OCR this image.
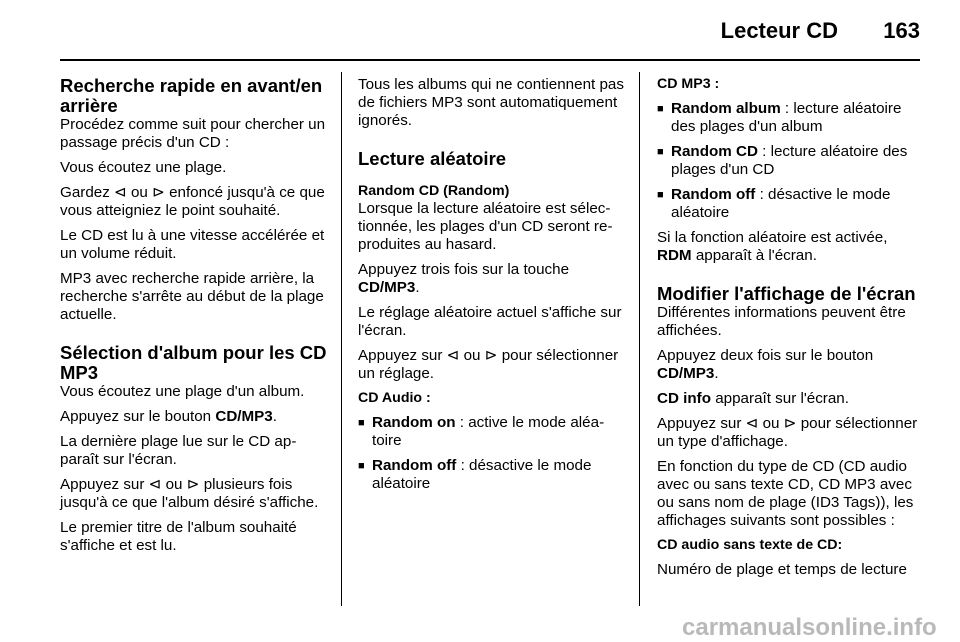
Lecteur CD 163

Recherche rapide en avant/en arrière

Procédez comme suit pour chercher un passage précis d'un CD :

Vous écoutez une plage.

Gardez ⊲ ou ⊳ enfoncé jusqu'à ce que vous atteigniez le point souhaité.

Le CD est lu à une vitesse accélérée et un volume réduit.

MP3 avec recherche rapide arrière, la recherche s'arrête au début de la plage actuelle.

Sélection d'album pour les CD MP3

Vous écoutez une plage d'un album.

Appuyez sur le bouton CD/MP3.

La dernière plage lue sur le CD apparaît sur l'écran.

Appuyez sur ⊲ ou ⊳ plusieurs fois jusqu'à ce que l'album désiré s'affiche.

Le premier titre de l'album souhaité s'affiche et est lu.

Tous les albums qui ne contiennent pas de fichiers MP3 sont automatiquement ignorés.

Lecture aléatoire

Random CD (Random)

Lorsque la lecture aléatoire est sélectionnée, les plages d'un CD seront reproduites au hasard.

Appuyez trois fois sur la touche CD/MP3.

Le réglage aléatoire actuel s'affiche sur l'écran.

Appuyez sur ⊲ ou ⊳ pour sélectionner un réglage.

CD Audio :

■ Random on : active le mode aléatoire
■ Random off : désactive le mode aléatoire

CD MP3 :

■ Random album : lecture aléatoire des plages d'un album
■ Random CD : lecture aléatoire des plages d'un CD
■ Random off : désactive le mode aléatoire

Si la fonction aléatoire est activée, RDM apparaît à l'écran.

Modifier l'affichage de l'écran

Différentes informations peuvent être affichées.

Appuyez deux fois sur le bouton CD/MP3.

CD info apparaît sur l'écran.

Appuyez sur ⊲ ou ⊳ pour sélectionner un type d'affichage.

En fonction du type de CD (CD audio avec ou sans texte CD, CD MP3 avec ou sans nom de plage (ID3 Tags)), les affichages suivants sont possibles :

CD audio sans texte de CD:

Numéro de plage et temps de lecture

carmanualsonline.info
